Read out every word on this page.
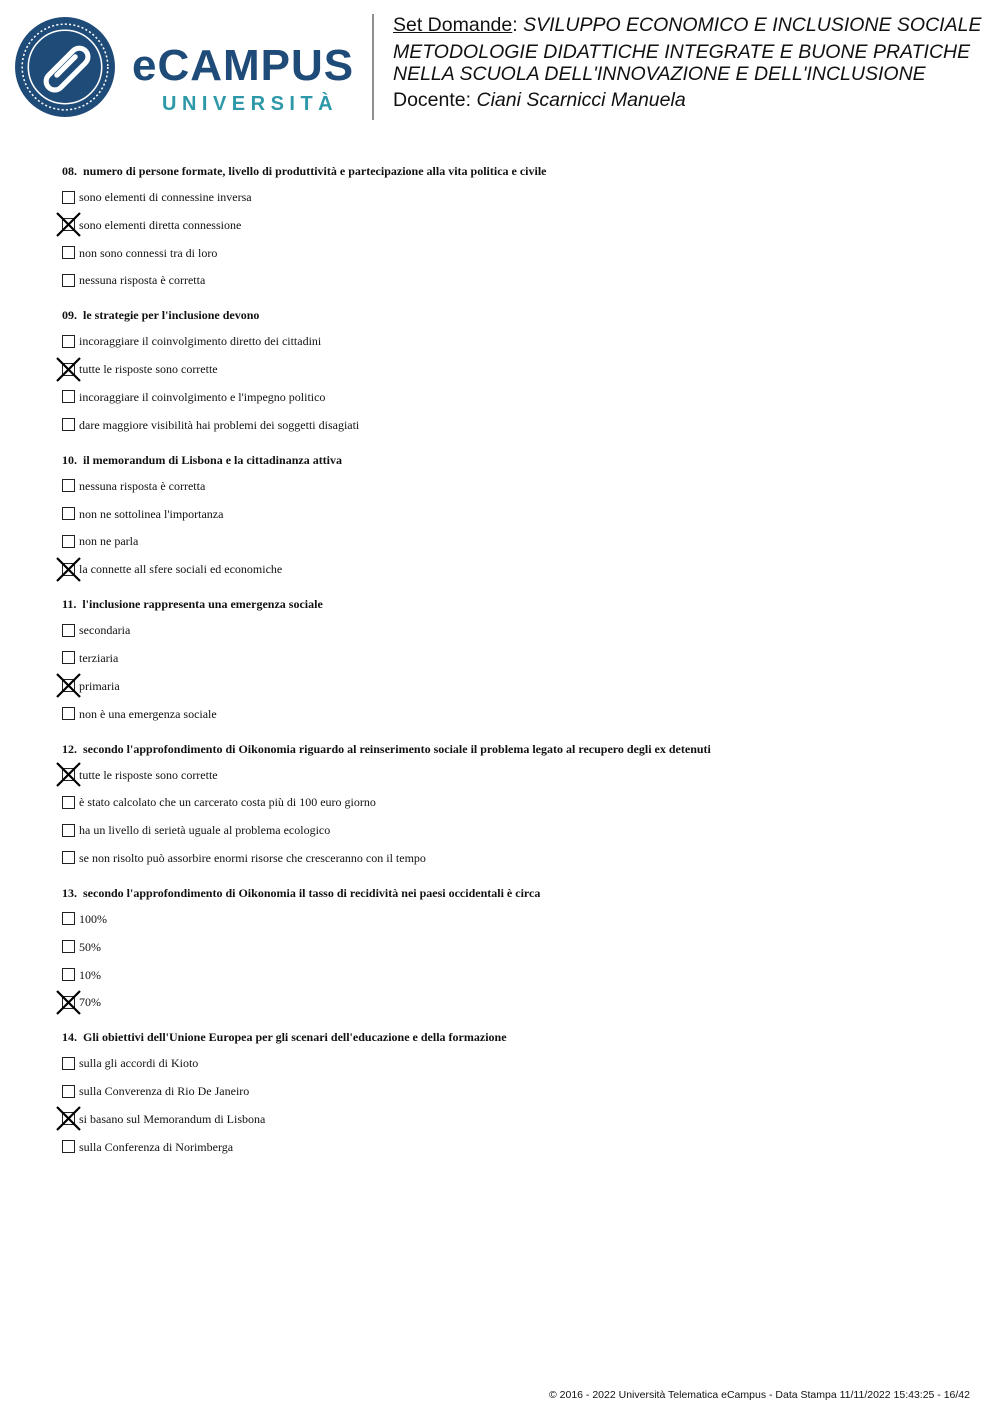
eCAMPUS
UNIVERSITÀ
Set Domande: SVILUPPO ECONOMICO E INCLUSIONE SOCIALE
METODOLOGIE DIDATTICHE INTEGRATE E BUONE PRATICHE
NELLA SCUOLA DELL'INNOVAZIONE E DELL'INCLUSIONE
Docente: Ciani Scarnicci Manuela
08. numero di persone formate, livello di produttività e partecipazione alla vita politica e civile
sono elementi di connessine inversa
sono elementi diretta connessione
non sono connessi tra di loro
nessuna risposta è corretta
09. le strategie per l'inclusione devono
incoraggiare il coinvolgimento diretto dei cittadini
tutte le risposte sono corrette
incoraggiare il coinvolgimento e l'impegno politico
dare maggiore visibilità hai problemi dei soggetti disagiati
10. il memorandum di Lisbona e la cittadinanza attiva
nessuna risposta è corretta
non ne sottolinea l'importanza
non ne parla
la connette all sfere sociali ed economiche
11. l'inclusione rappresenta una emergenza sociale
secondaria
terziaria
primaria
non è una emergenza sociale
12. secondo l'approfondimento di Oikonomia riguardo al reinserimento sociale il problema legato al recupero degli ex detenuti
tutte le risposte sono corrette
è stato calcolato che un carcerato costa più di 100 euro giorno
ha un livello di serietà uguale al problema ecologico
se non risolto può assorbire enormi risorse che cresceranno con il tempo
13. secondo l'approfondimento di Oikonomia il tasso di recidività nei paesi occidentali è circa
100%
50%
10%
70%
14. Gli obiettivi dell'Unione Europea per gli scenari dell'educazione e della formazione
sulla gli accordi di Kioto
sulla Converenza di Rio De Janeiro
si basano sul Memorandum di Lisbona
sulla Conferenza di Norimberga
© 2016 - 2022 Università Telematica eCampus - Data Stampa 11/11/2022 15:43:25 - 16/42
